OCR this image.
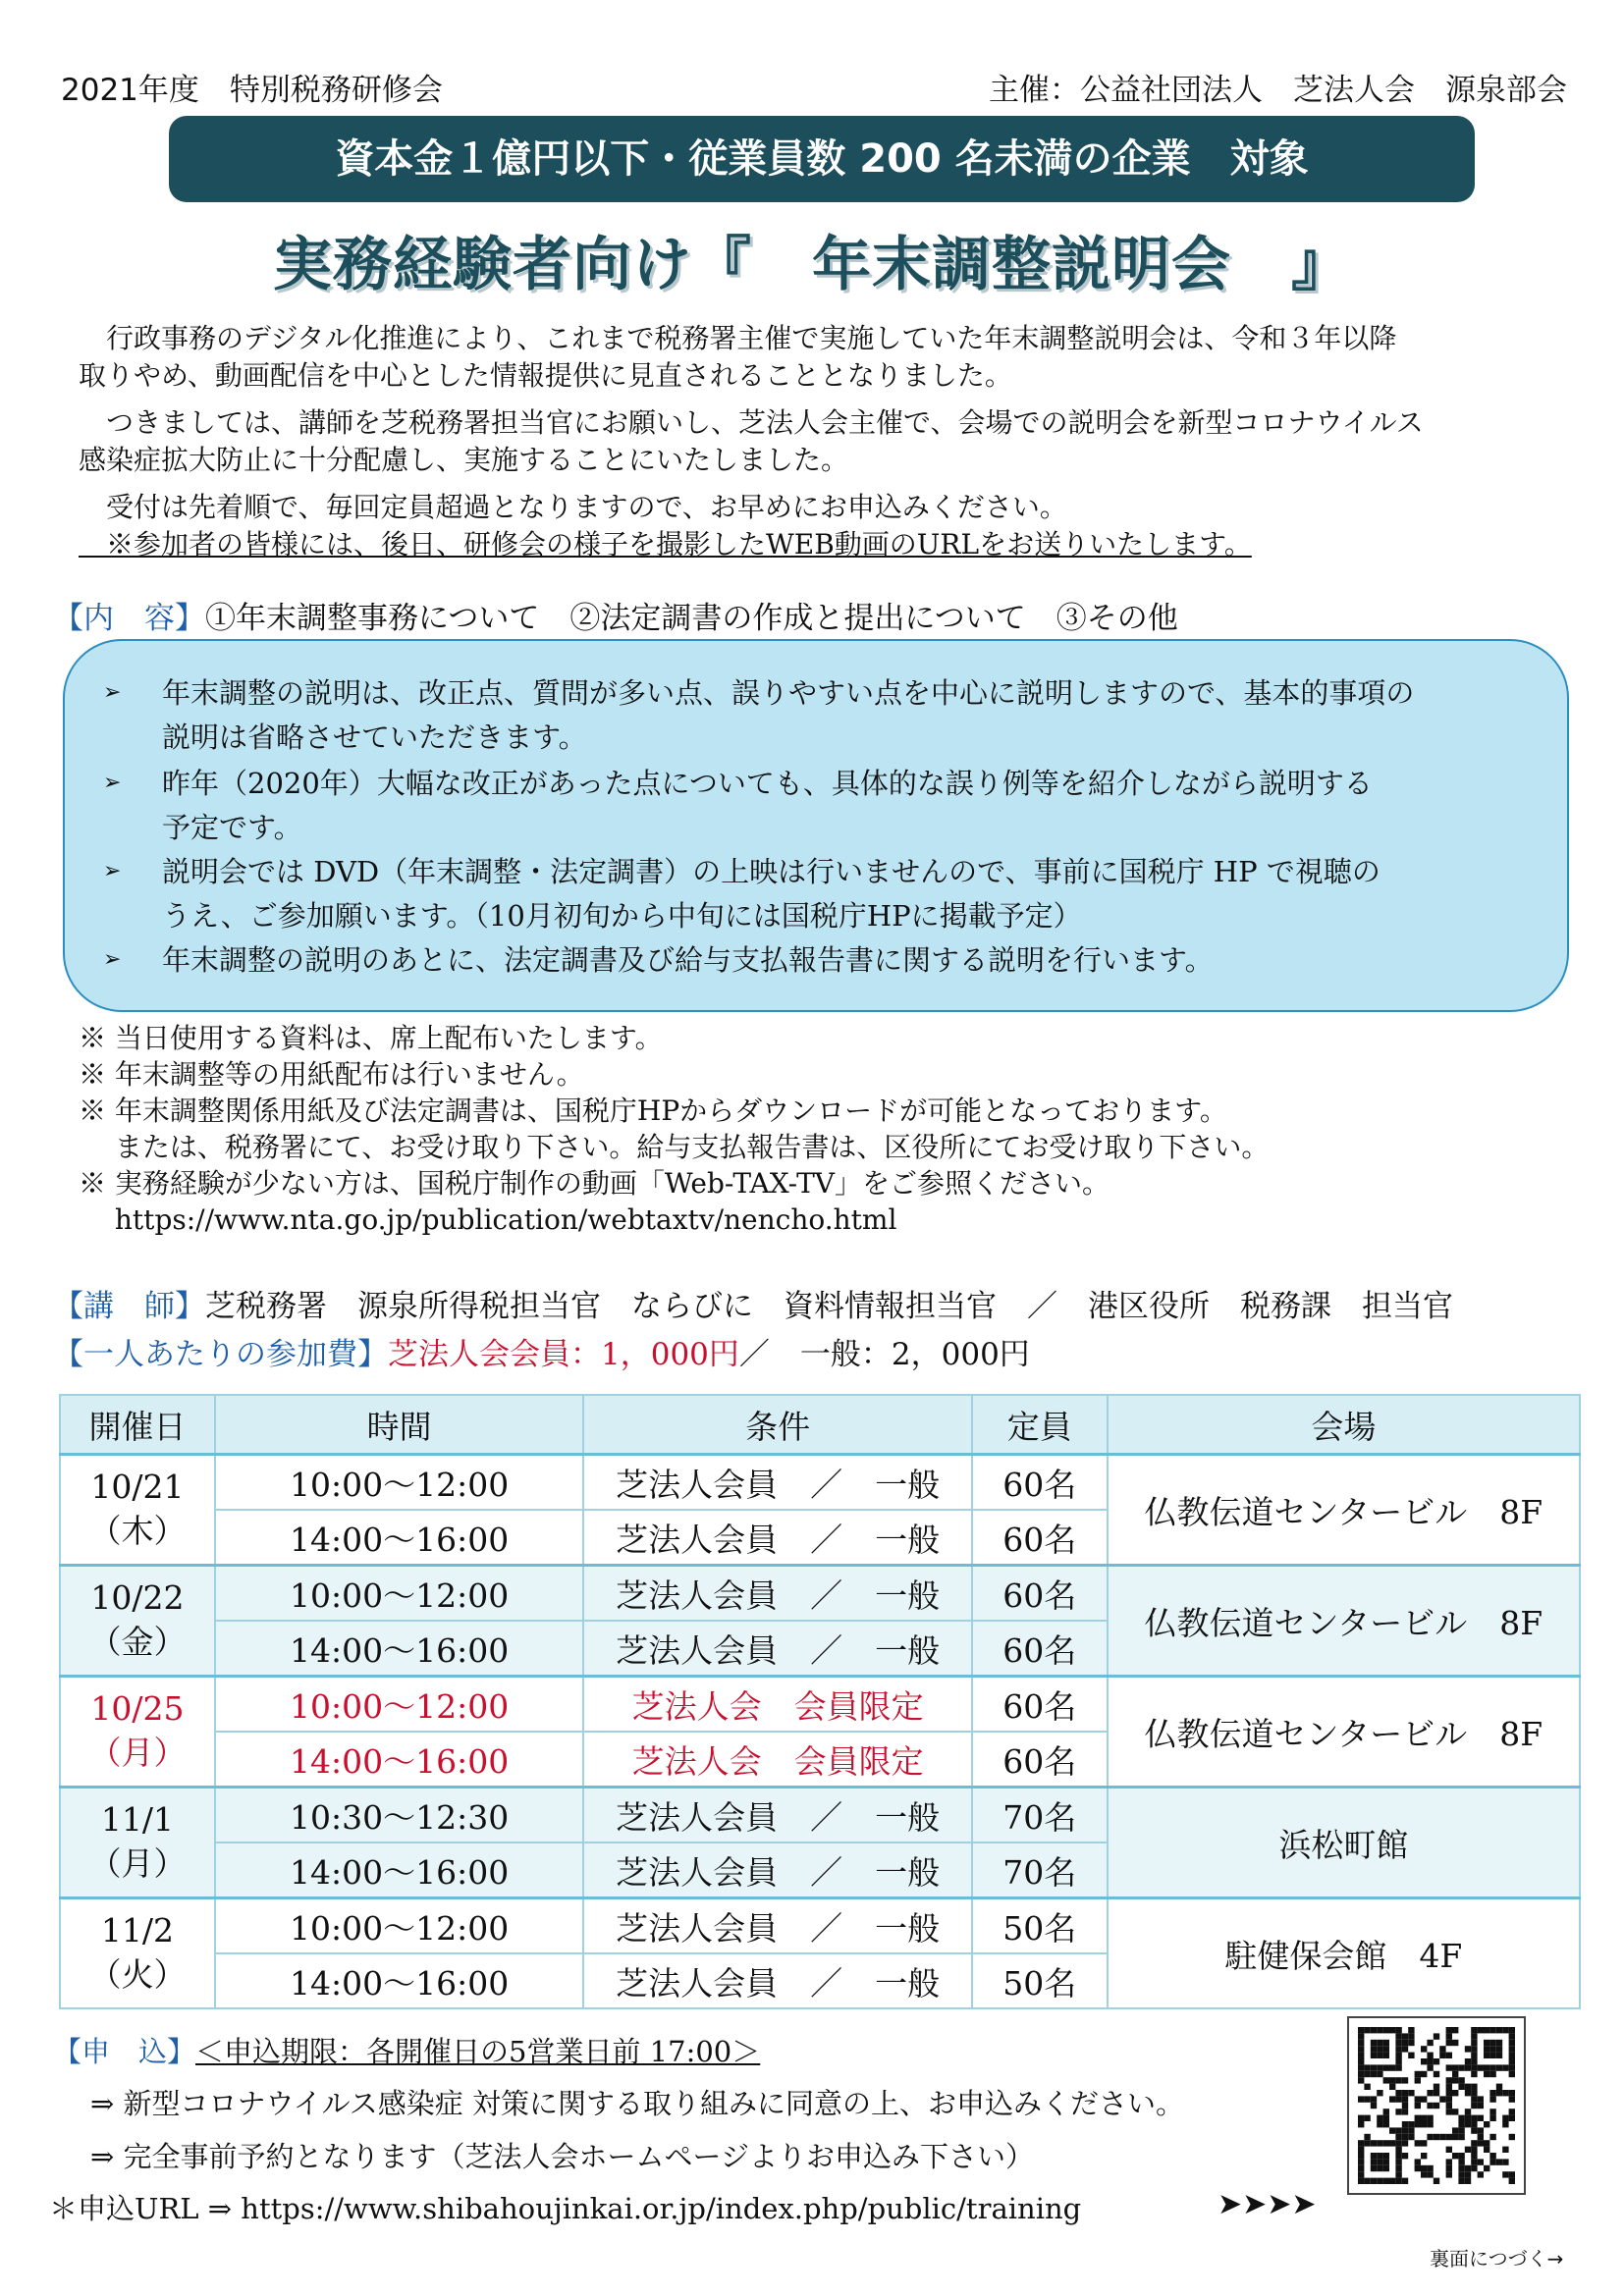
2021年度　特別税務研修会	主催：公益社団法人　芝法人会　源泉部会
資本金１億円以下・従業員数 200 名未満の企業　対象
実務経験者向け『　年末調整説明会　』
　行政事務のデジタル化推進により、これまで税務署主催で実施していた年末調整説明会は、令和３年以降
取りやめ、動画配信を中心とした情報提供に見直されることとなりました。
　つきましては、講師を芝税務署担当官にお願いし、芝法人会主催で、会場での説明会を新型コロナウイルス
感染症拡大防止に十分配慮し、実施することにいたしました。
　受付は先着順で、毎回定員超過となりますので、お早めにお申込みください。
　※参加者の皆様には、後日、研修会の様子を撮影したWEB動画のURLをお送りいたします。
【内　容】①年末調整事務について　②法定調書の作成と提出について　③その他
➢ 年末調整の説明は、改正点、質問が多い点、誤りやすい点を中心に説明しますので、基本的事項の
説明は省略させていただきます。
➢ 昨年（2020年）大幅な改正があった点についても、具体的な誤り例等を紹介しながら説明する
予定です。
➢ 説明会では DVD（年末調整・法定調書）の上映は行いませんので、事前に国税庁 HP で視聴の
うえ、ご参加願います。（10月初旬から中旬には国税庁HPに掲載予定）
➢ 年末調整の説明のあとに、法定調書及び給与支払報告書に関する説明を行います。
※ 当日使用する資料は、席上配布いたします。
※ 年末調整等の用紙配布は行いません。
※ 年末調整関係用紙及び法定調書は、国税庁HPからダウンロードが可能となっております。
　 または、税務署にて、お受け取り下さい。給与支払報告書は、区役所にてお受け取り下さい。
※ 実務経験が少ない方は、国税庁制作の動画「Web-TAX-TV」をご参照ください。
　 https://www.nta.go.jp/publication/webtaxtv/nencho.html
【講　師】芝税務署　源泉所得税担当官　ならびに　資料情報担当官　／　港区役所　税務課　担当官
【一人あたりの参加費】芝法人会会員：1，000円／　一般：2，000円
開催日	時間	条件	定員	会場

10/21
（木）	10:00～12:00	芝法人会員　／　一般	60名	仏教伝道センタービル　8F
	14:00～16:00	芝法人会員　／　一般	60名	

10/22
（金）	10:00～12:00	芝法人会員　／　一般	60名	仏教伝道センタービル　8F
	14:00～16:00	芝法人会員　／　一般	60名	

10/25
（月）	10:00～12:00	芝法人会　会員限定	60名	仏教伝道センタービル　8F
	14:00～16:00	芝法人会　会員限定	60名	

11/1
（月）	10:30～12:30	芝法人会員　／　一般	70名	浜松町館
	14:00～16:00	芝法人会員　／　一般	70名	

11/2
（火）	10:00～12:00	芝法人会員　／　一般	50名	駐健保会館　4F
	14:00～16:00	芝法人会員　／　一般	50名	
【申　込】＜申込期限：各開催日の5営業日前 17:00＞
⇒ 新型コロナウイルス感染症 対策に関する取り組みに同意の上、お申込みください。
⇒ 完全事前予約となります（芝法人会ホームページよりお申込み下さい）
＊申込URL ⇒ https://www.shibahoujinkai.or.jp/index.php/public/training	➤➤➤➤
裏面につづく→
